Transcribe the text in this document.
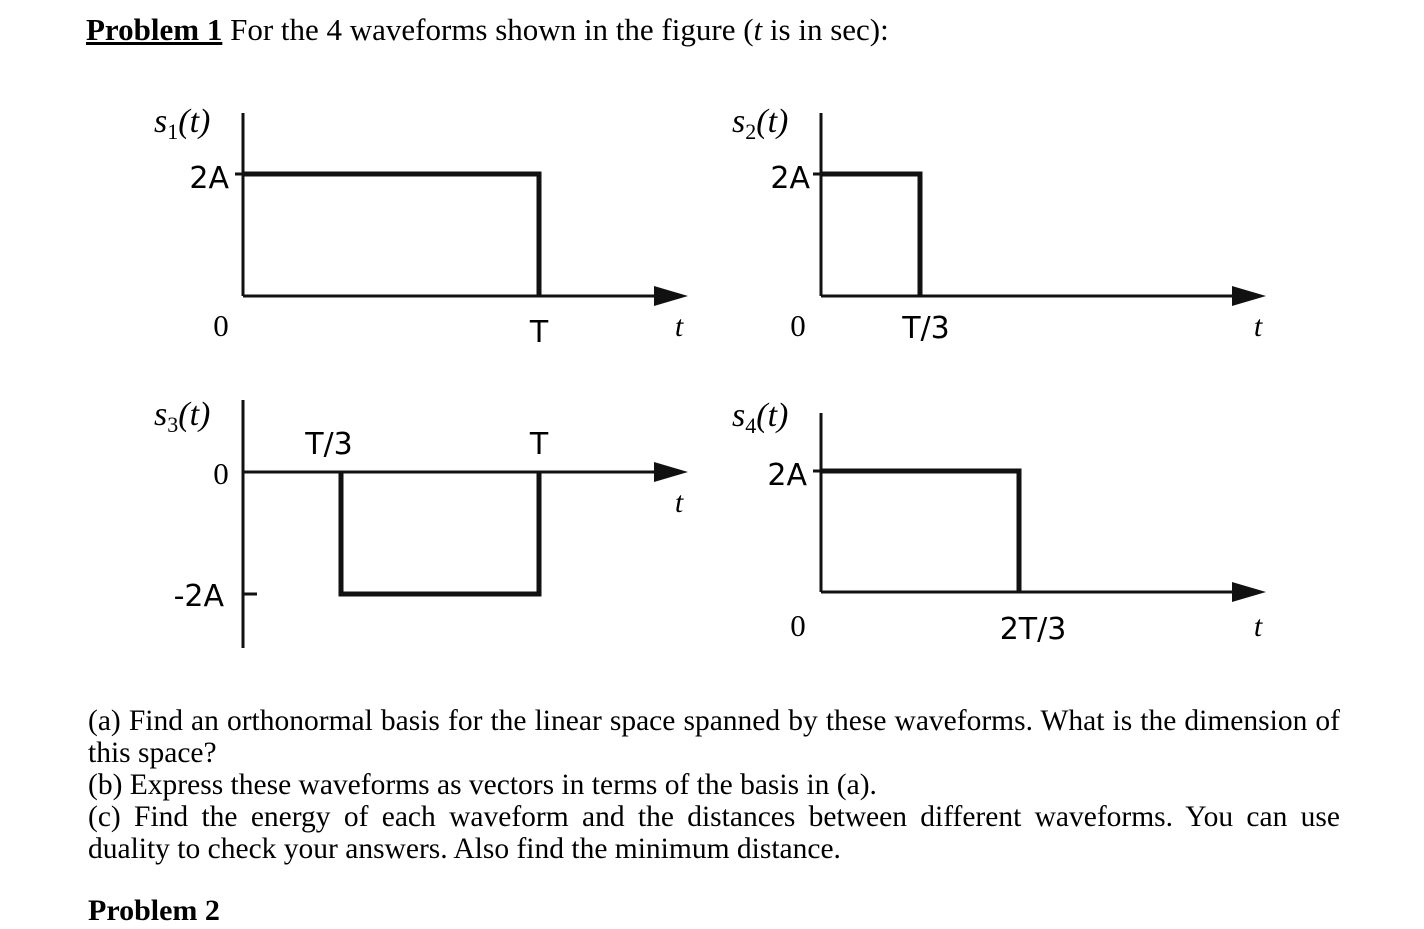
Problem 1 For the 4 waveforms shown in the figure (t is in sec):
$s_1(t)$
2A
0	T	t
$s_2(t)$
2A
0	T/3	t
$s_3(t)$
0
T/3	T
-2A
t
$s_4(t)$
2A
0	2T/3	t
(a) Find an orthonormal basis for the linear space spanned by these waveforms. What is the dimension of this space?
(b) Express these waveforms as vectors in terms of the basis in (a).
(c) Find the energy of each waveform and the distances between different waveforms. You can use duality to check your answers. Also find the minimum distance.
Problem 2
